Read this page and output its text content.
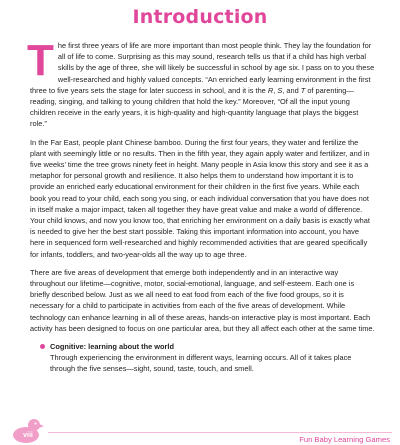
Introduction

The first three years of life are more important than most people think. They lay the foundation for all of life to come. Surprising as this may sound, research tells us that if a child has high verbal skills by the age of three, she will likely be successful in school by age six. I pass on to you these well-researched and highly valued concepts. “An enriched early learning environment in the first three to five years sets the stage for later success in school, and it is the R, S, and T of parenting—reading, singing, and talking to young children that hold the key.” Moreover, “Of all the input young children receive in the early years, it is high-quality and high-quantity language that plays the biggest role.”

In the Far East, people plant Chinese bamboo. During the first four years, they water and fertilize the plant with seemingly little or no results. Then in the fifth year, they again apply water and fertilizer, and in five weeks’ time the tree grows ninety feet in height. Many people in Asia know this story and see it as a metaphor for personal growth and resilience. It also helps them to understand how important it is to provide an enriched early educational environment for their children in the first five years. While each book you read to your child, each song you sing, or each individual conversation that you have does not in itself make a major impact, taken all together they have great value and make a world of difference. Your child knows, and now you know too, that enriching her environment on a daily basis is exactly what is needed to give her the best start possible. Taking this important information into account, you have here in sequenced form well-researched and highly recommended activities that are geared specifically for infants, toddlers, and two-year-olds all the way up to age three.

There are five areas of development that emerge both independently and in an interactive way throughout our lifetime—cognitive, motor, social-emotional, language, and self-esteem. Each one is briefly described below. Just as we all need to eat food from each of the five food groups, so it is necessary for a child to participate in activities from each of the five areas of development. While technology can enhance learning in all of these areas, hands-on interactive play is most important. Each activity has been designed to focus on one particular area, but they all affect each other at the same time.

Cognitive: learning about the world
Through experiencing the environment in different ways, learning occurs. All of it takes place through the five senses—sight, sound, taste, touch, and smell.
viii	Fun Baby Learning Games
